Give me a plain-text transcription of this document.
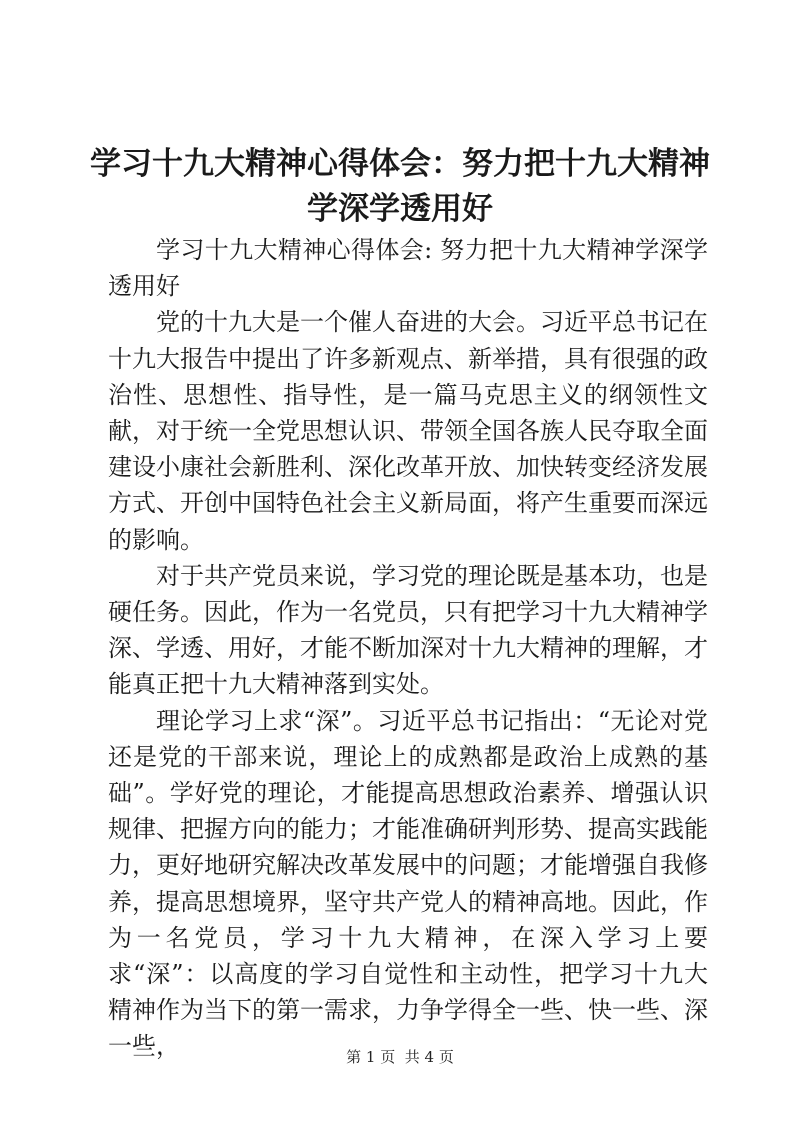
学习十九大精神心得体会：努力把十九大精神
学深学透用好

学习十九大精神心得体会: 努力把十九大精神学深学透用好

党的十九大是一个催人奋进的大会。习近平总书记在十九大报告中提出了许多新观点、新举措，具有很强的政治性、思想性、指导性，是一篇马克思主义的纲领性文献，对于统一全党思想认识、带领全国各族人民夺取全面建设小康社会新胜利、深化改革开放、加快转变经济发展方式、开创中国特色社会主义新局面，将产生重要而深远的影响。

对于共产党员来说，学习党的理论既是基本功，也是硬任务。因此，作为一名党员，只有把学习十九大精神学深、学透、用好，才能不断加深对十九大精神的理解，才能真正把十九大精神落到实处。

理论学习上求“深”。习近平总书记指出：“无论对党还是党的干部来说，理论上的成熟都是政治上成熟的基础”。学好党的理论，才能提高思想政治素养、增强认识规律、把握方向的能力；才能准确研判形势、提高实践能力，更好地研究解决改革发展中的问题；才能增强自我修养，提高思想境界，坚守共产党人的精神高地。因此，作为一名党员，学习十九大精神，在深入学习上要求“深”：以高度的学习自觉性和主动性，把学习十九大精神作为当下的第一需求，力争学得全一些、快一些、深一些，	第 1 页  共 4 页
